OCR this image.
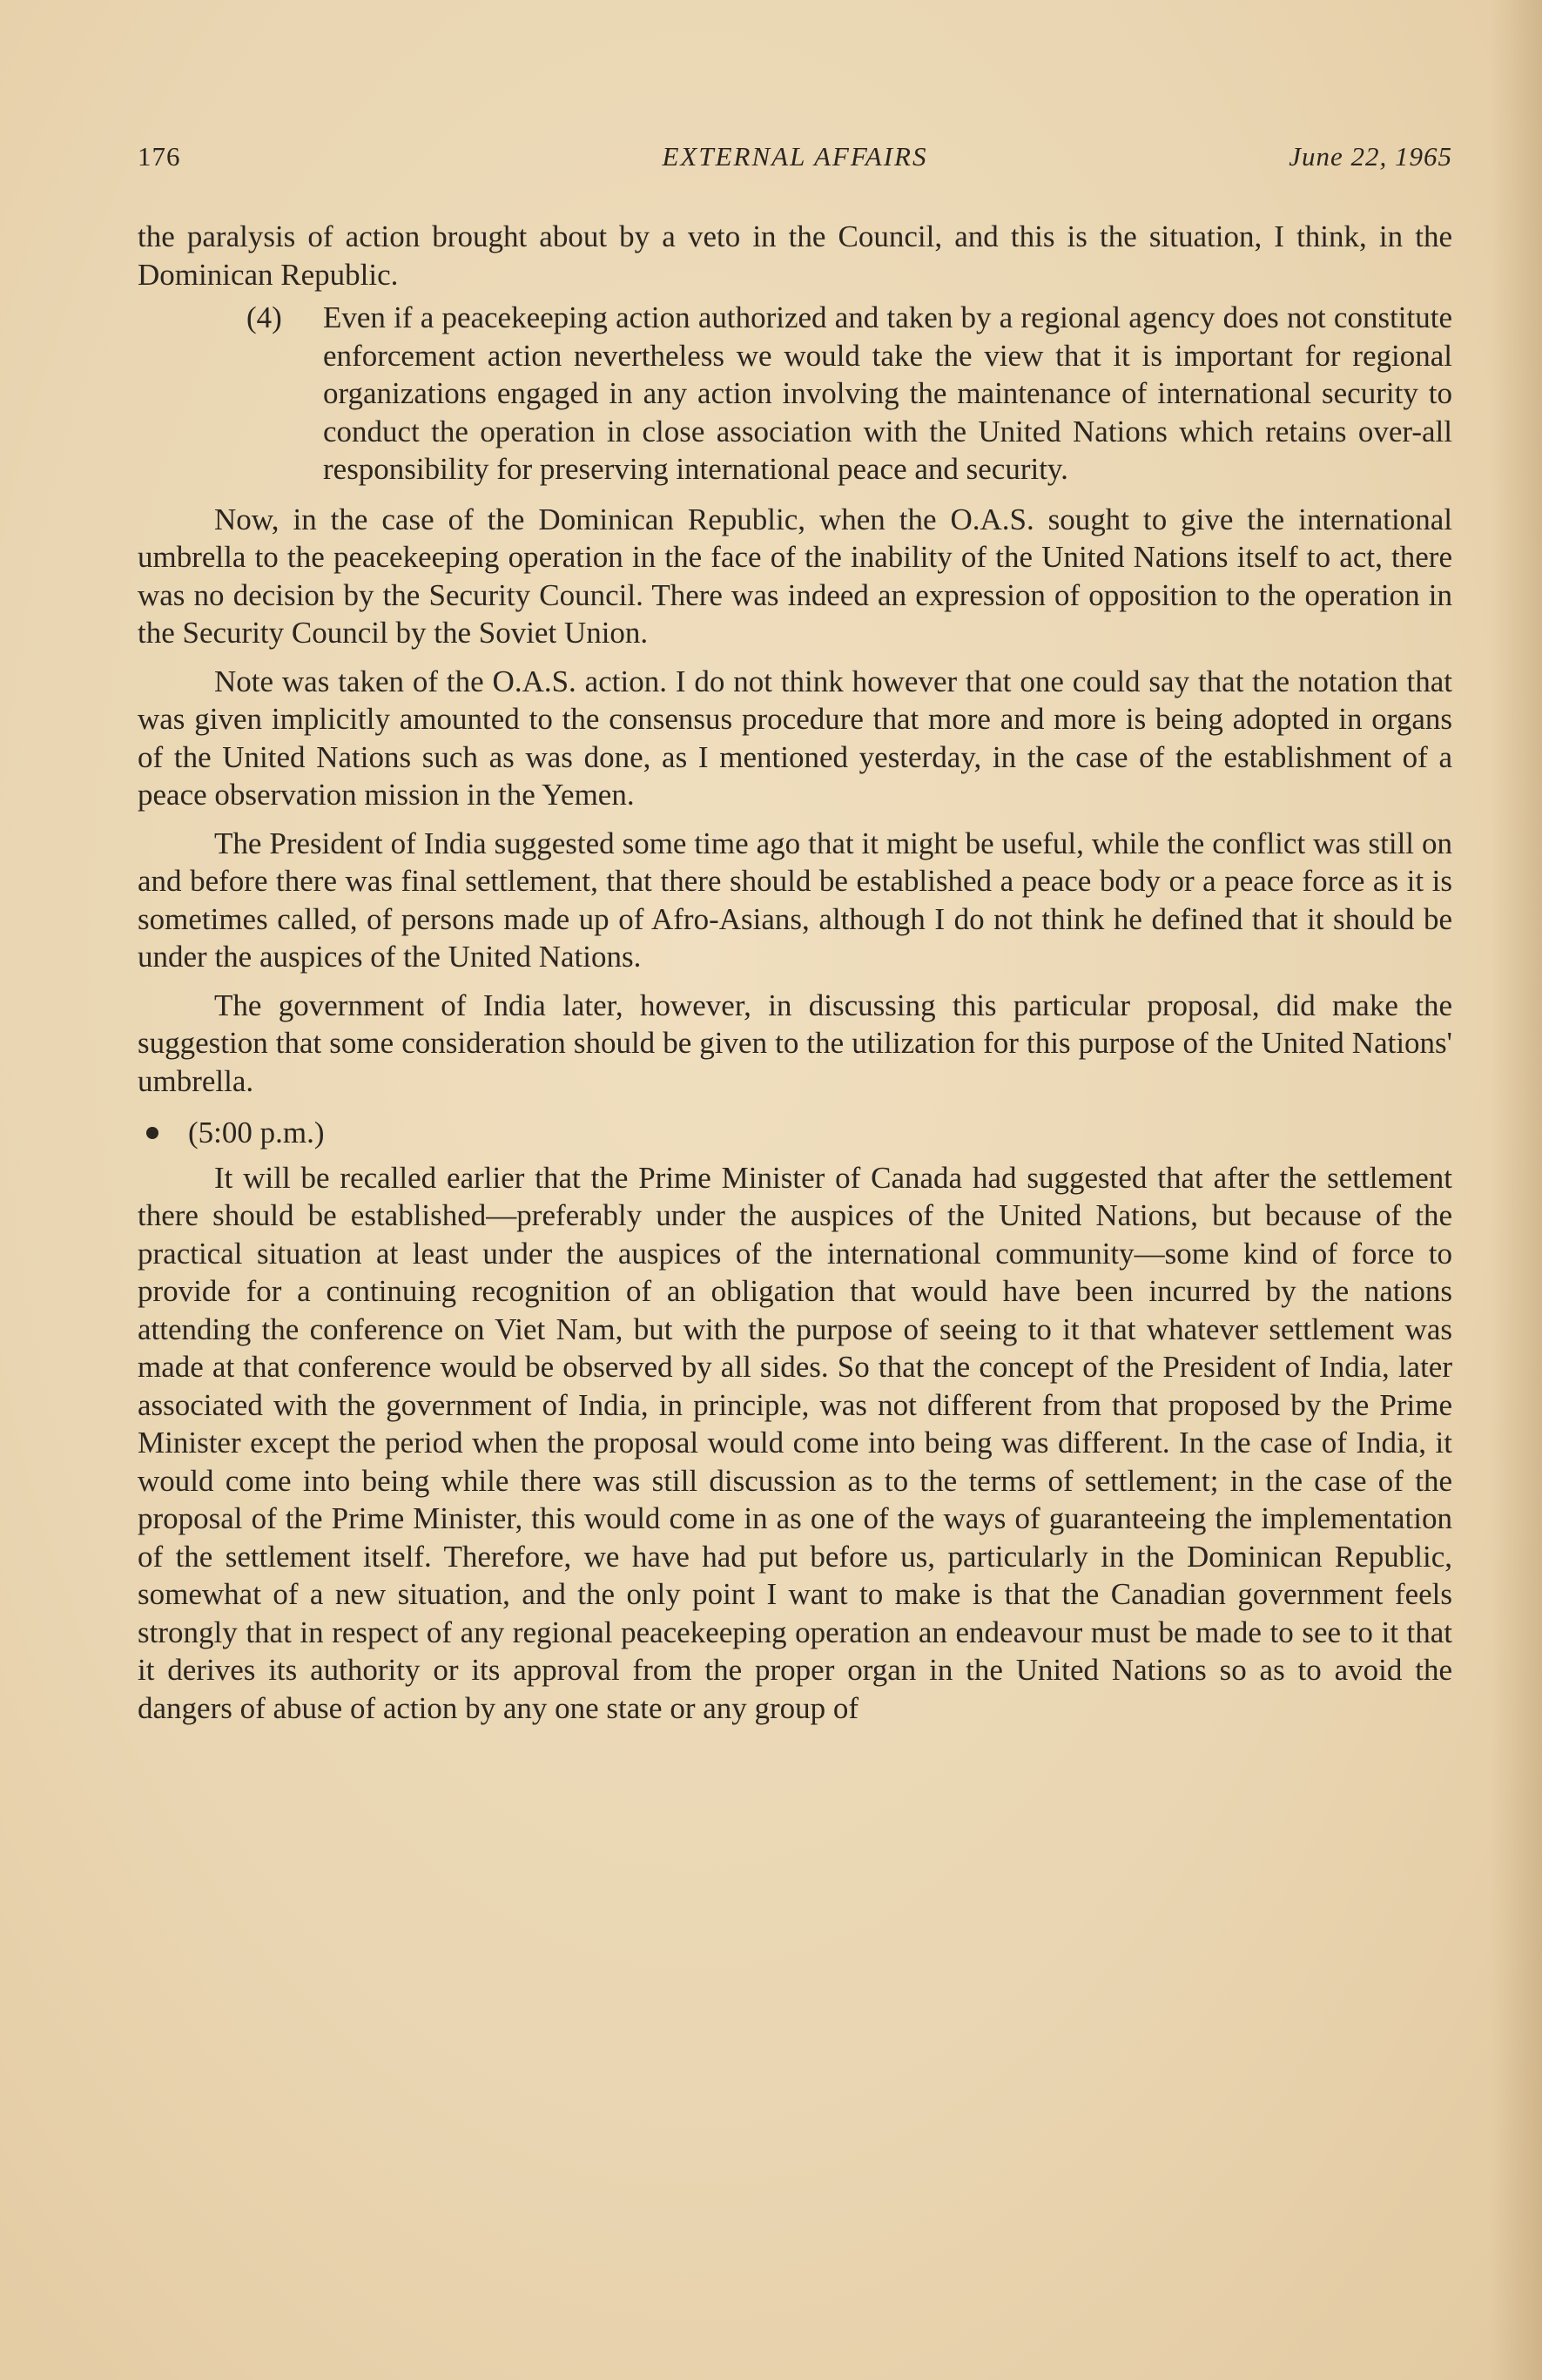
176	EXTERNAL AFFAIRS	June 22, 1965

the paralysis of action brought about by a veto in the Council, and this is the situation, I think, in the Dominican Republic.

(4)	Even if a peacekeeping action authorized and taken by a regional agency does not constitute enforcement action nevertheless we would take the view that it is important for regional organizations engaged in any action involving the maintenance of international security to conduct the operation in close association with the United Nations which retains over-all responsibility for preserving international peace and security.

Now, in the case of the Dominican Republic, when the O.A.S. sought to give the international umbrella to the peacekeeping operation in the face of the inability of the United Nations itself to act, there was no decision by the Security Council. There was indeed an expression of opposition to the operation in the Security Council by the Soviet Union.

Note was taken of the O.A.S. action. I do not think however that one could say that the notation that was given implicitly amounted to the consensus procedure that more and more is being adopted in organs of the United Nations such as was done, as I mentioned yesterday, in the case of the establishment of a peace observation mission in the Yemen.

The President of India suggested some time ago that it might be useful, while the conflict was still on and before there was final settlement, that there should be established a peace body or a peace force as it is sometimes called, of persons made up of Afro-Asians, although I do not think he defined that it should be under the auspices of the United Nations.

The government of India later, however, in discussing this particular proposal, did make the suggestion that some consideration should be given to the utilization for this purpose of the United Nations' umbrella.

(5:00 p.m.)

It will be recalled earlier that the Prime Minister of Canada had suggested that after the settlement there should be established—preferably under the auspices of the United Nations, but because of the practical situation at least under the auspices of the international community—some kind of force to provide for a continuing recognition of an obligation that would have been incurred by the nations attending the conference on Viet Nam, but with the purpose of seeing to it that whatever settlement was made at that conference would be observed by all sides. So that the concept of the President of India, later associated with the government of India, in principle, was not different from that proposed by the Prime Minister except the period when the proposal would come into being was different. In the case of India, it would come into being while there was still discussion as to the terms of settlement; in the case of the proposal of the Prime Minister, this would come in as one of the ways of guaranteeing the implementation of the settlement itself. Therefore, we have had put before us, particularly in the Dominican Republic, somewhat of a new situation, and the only point I want to make is that the Canadian government feels strongly that in respect of any regional peacekeeping operation an endeavour must be made to see to it that it derives its authority or its approval from the proper organ in the United Nations so as to avoid the dangers of abuse of action by any one state or any group of
